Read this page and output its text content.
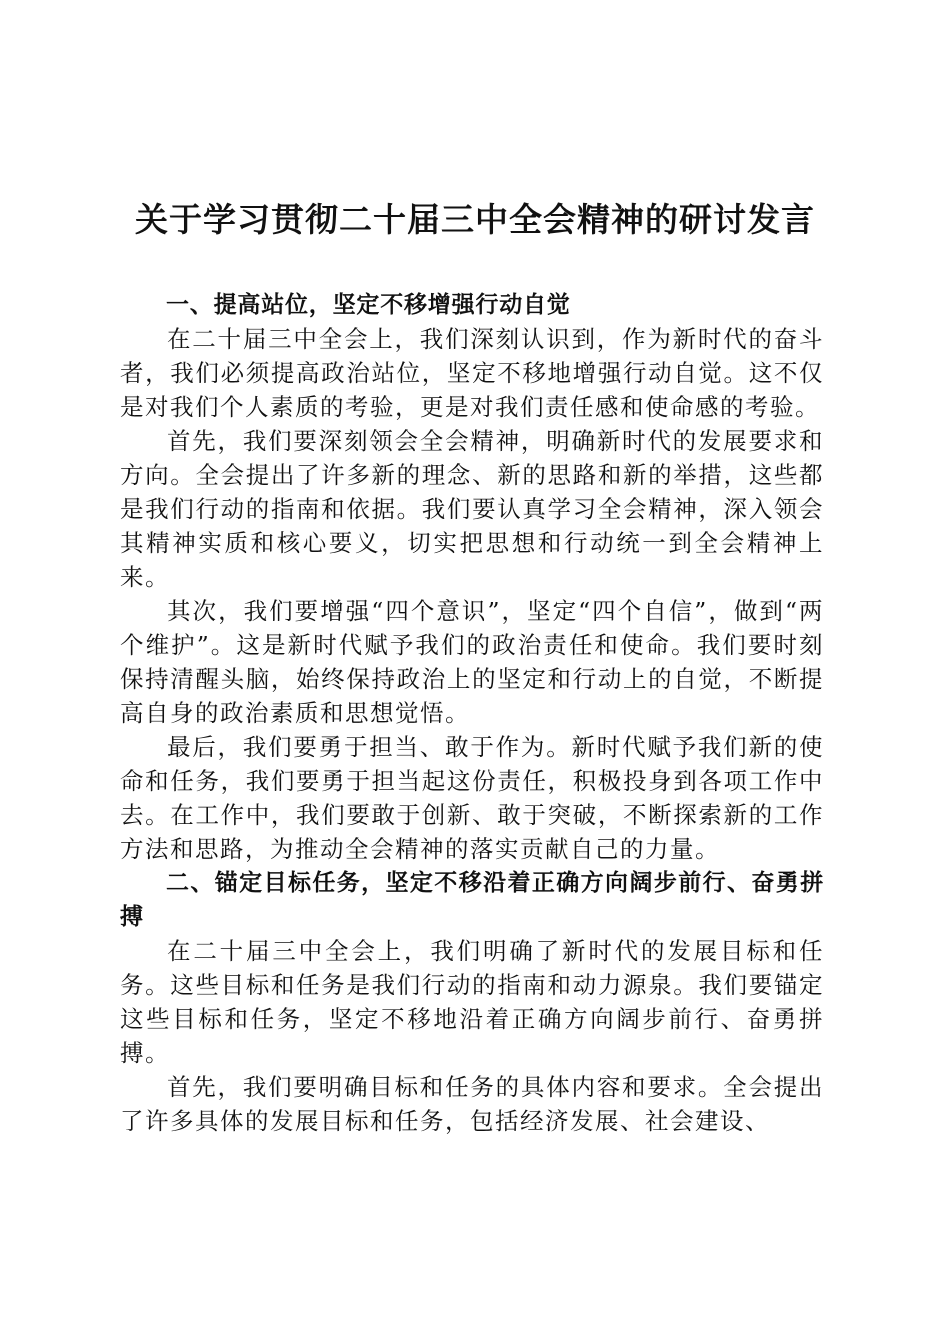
关于学习贯彻二十届三中全会精神的研讨发言

一、提高站位，坚定不移增强行动自觉

在二十届三中全会上，我们深刻认识到，作为新时代的奋斗者，我们必须提高政治站位，坚定不移地增强行动自觉。这不仅是对我们个人素质的考验，更是对我们责任感和使命感的考验。

首先，我们要深刻领会全会精神，明确新时代的发展要求和方向。全会提出了许多新的理念、新的思路和新的举措，这些都是我们行动的指南和依据。我们要认真学习全会精神，深入领会其精神实质和核心要义，切实把思想和行动统一到全会精神上来。

其次，我们要增强“四个意识”，坚定“四个自信”，做到“两个维护”。这是新时代赋予我们的政治责任和使命。我们要时刻保持清醒头脑，始终保持政治上的坚定和行动上的自觉，不断提高自身的政治素质和思想觉悟。

最后，我们要勇于担当、敢于作为。新时代赋予我们新的使命和任务，我们要勇于担当起这份责任，积极投身到各项工作中去。在工作中，我们要敢于创新、敢于突破，不断探索新的工作方法和思路，为推动全会精神的落实贡献自己的力量。

二、锚定目标任务，坚定不移沿着正确方向阔步前行、奋勇拼搏

在二十届三中全会上，我们明确了新时代的发展目标和任务。这些目标和任务是我们行动的指南和动力源泉。我们要锚定这些目标和任务，坚定不移地沿着正确方向阔步前行、奋勇拼搏。

首先，我们要明确目标和任务的具体内容和要求。全会提出了许多具体的发展目标和任务，包括经济发展、社会建设、
